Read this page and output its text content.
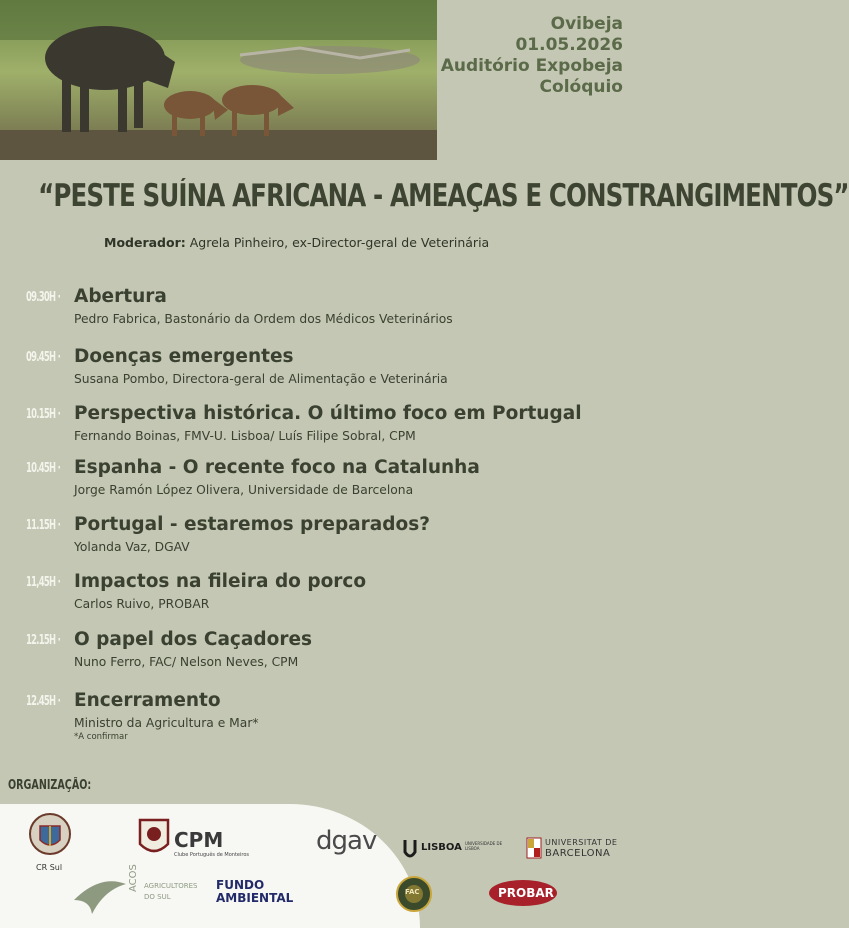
Ovibeja
01.05.2026
Auditório Expobeja
Colóquio
“PESTE SUÍNA AFRICANA - AMEAÇAS E CONSTRANGIMENTOS”
Moderador: Agrela Pinheiro, ex-Director-geral de Veterinária
09.30H · Abertura
Pedro Fabrica, Bastonário da Ordem dos Médicos Veterinários
09.45H · Doenças emergentes
Susana Pombo, Directora-geral de Alimentação e Veterinária
10.15H · Perspectiva histórica. O último foco em Portugal
Fernando Boinas, FMV-U. Lisboa/ Luís Filipe Sobral, CPM
10.45H · Espanha - O recente foco na Catalunha
Jorge Ramón López Olivera, Universidade de Barcelona
11.15H · Portugal - estaremos preparados?
Yolanda Vaz, DGAV
11,45H · Impactos na fileira do porco
Carlos Ruivo, PROBAR
12.15H · O papel dos Caçadores
Nuno Ferro, FAC/ Nelson Neves, CPM
12.45H · Encerramento
Ministro da Agricultura e Mar*
*A confirmar
ORGANIZAÇÃO:
CR Sul
CPM
Clube Português de Monteiros
ACOS AGRICULTORES
DO SUL
FUNDO
AMBIENTAL
dgav	LISBOA UNIVERSIDADE DE LISBOA
UNIVERSITAT DE
BARCELONA
FAC	PROBAR
